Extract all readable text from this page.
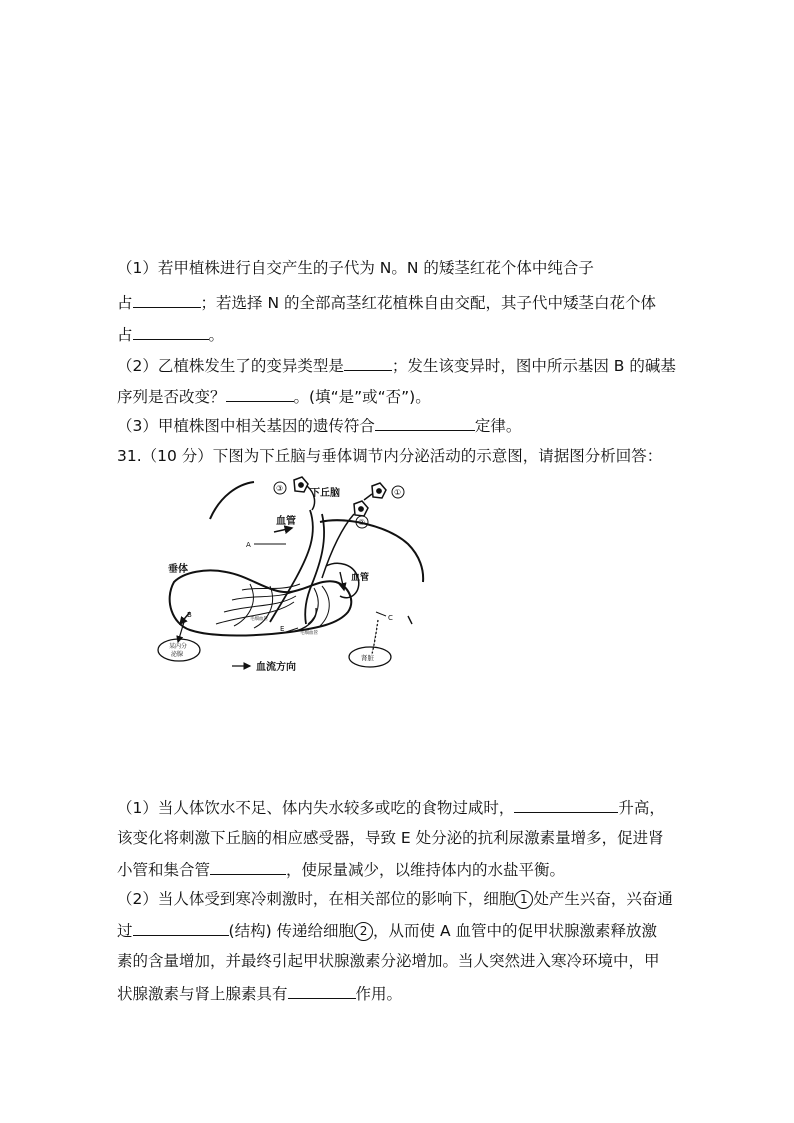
（1）若甲植株进行自交产生的子代为 N。N 的矮茎红花个体中纯合子
占	；若选择 N 的全部高茎红花植株自由交配，其子代中矮茎白花个体
占	。
（2）乙植株发生了的变异类型是	；发生该变异时，图中所示基因 B 的碱基
序列是否改变？	。(填“是”或“否”)。
（3）甲植株图中相关基因的遗传符合	定律。
31.（10 分）下图为下丘脑与垂体调节内分泌活动的示意图，请据图分析回答：
③	①
②
下丘脑
血管
血管
垂体
A
B
E
C
毛细血管
毛细血管
某内分
泌腺	肾脏
血流方向
（1）当人体饮水不足、体内失水较多或吃的食物过咸时，	升高，
该变化将刺激下丘脑的相应感受器，导致 E 处分泌的抗利尿激素量增多，促进肾
小管和集合管	，使尿量减少，以维持体内的水盐平衡。
（2）当人体受到寒冷刺激时，在相关部位的影响下，细胞 1 处产生兴奋，兴奋通
过	(结构) 传递给细胞 2 ，从而使 A 血管中的促甲状腺激素释放激
素的含量增加，并最终引起甲状腺激素分泌增加。当人突然进入寒冷环境中，甲
状腺激素与肾上腺素具有	作用。
